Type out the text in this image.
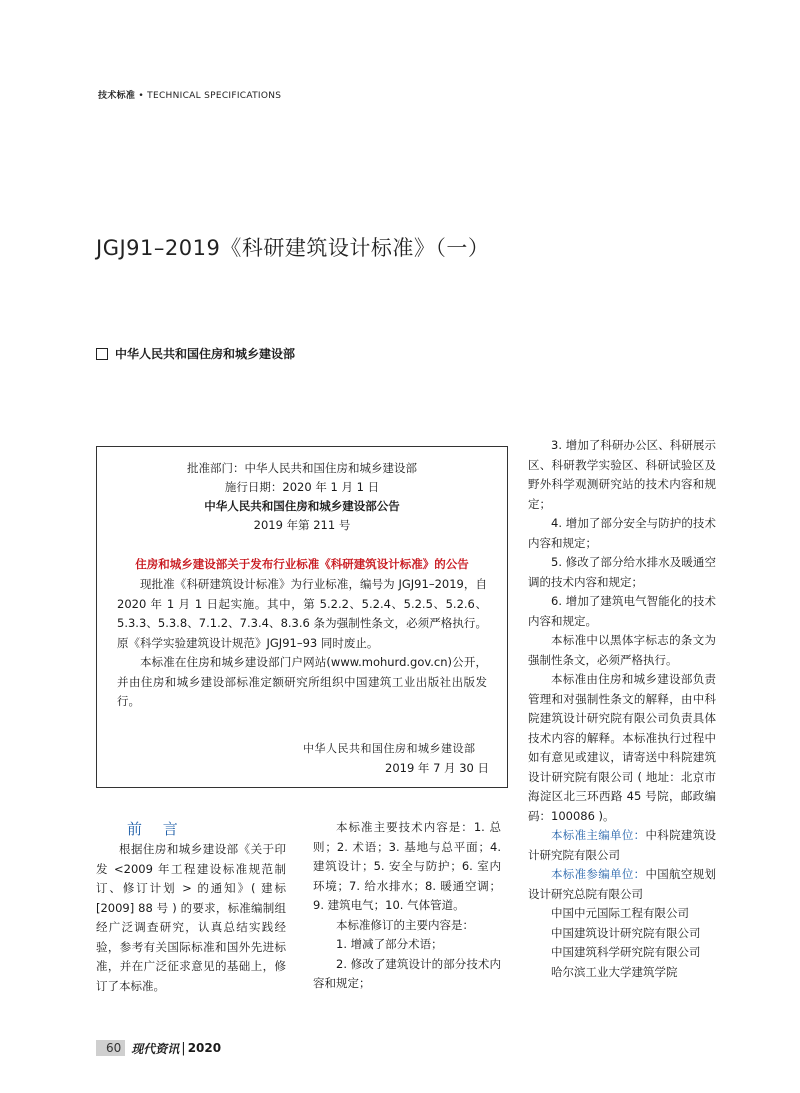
技术标准 • TECHNICAL SPECIFICATIONS
JGJ91–2019《科研建筑设计标准》（一）
中华人民共和国住房和城乡建设部
批准部门：中华人民共和国住房和城乡建设部
施行日期：2020 年 1 月 1 日
中华人民共和国住房和城乡建设部公告
2019 年第 211 号
住房和城乡建设部关于发布行业标准《科研建筑设计标准》的公告
现批准《科研建筑设计标准》为行业标准，编号为 JGJ91–2019，自 2020 年 1 月 1 日起实施。其中，第 5.2.2、5.2.4、5.2.5、5.2.6、5.3.3、5.3.8、7.1.2、7.3.4、8.3.6 条为强制性条文，必须严格执行。原《科学实验建筑设计规范》JGJ91–93 同时废止。
本标准在住房和城乡建设部门户网站(www.mohurd.gov.cn)公开，并由住房和城乡建设部标准定额研究所组织中国建筑工业出版社出版发行。
中华人民共和国住房和城乡建设部
2019 年 7 月 30 日
前 言

根据住房和城乡建设部《关于印发 <2009 年工程建设标准规范制订、修订计划 > 的通知》( 建标[2009] 88 号 ) 的要求，标准编制组经广泛调查研究，认真总结实践经验，参考有关国际标准和国外先进标准，并在广泛征求意见的基础上，修订了本标准。

本标准主要技术内容是：1. 总则；2. 术语；3. 基地与总平面；4. 建筑设计；5. 安全与防护；6. 室内环境；7. 给水排水；8. 暖通空调；9. 建筑电气；10. 气体管道。

本标准修订的主要内容是：

1. 增减了部分术语；

2. 修改了建筑设计的部分技术内容和规定；

3. 增加了科研办公区、科研展示区、科研教学实验区、科研试验区及野外科学观测研究站的技术内容和规定；

4. 增加了部分安全与防护的技术内容和规定；

5. 修改了部分给水排水及暖通空调的技术内容和规定；

6. 增加了建筑电气智能化的技术内容和规定。

本标准中以黑体字标志的条文为强制性条文，必须严格执行。

本标准由住房和城乡建设部负责管理和对强制性条文的解释，由中科院建筑设计研究院有限公司负责具体技术内容的解释。本标准执行过程中如有意见或建议，请寄送中科院建筑设计研究院有限公司 ( 地址：北京市海淀区北三环西路 45 号院，邮政编码：100086 )。

本标准主编单位：中科院建筑设计研究院有限公司

本标准参编单位：中国航空规划设计研究总院有限公司

中国中元国际工程有限公司

中国建筑设计研究院有限公司

中国建筑科学研究院有限公司

哈尔滨工业大学建筑学院

60 现代资讯 | 2020
